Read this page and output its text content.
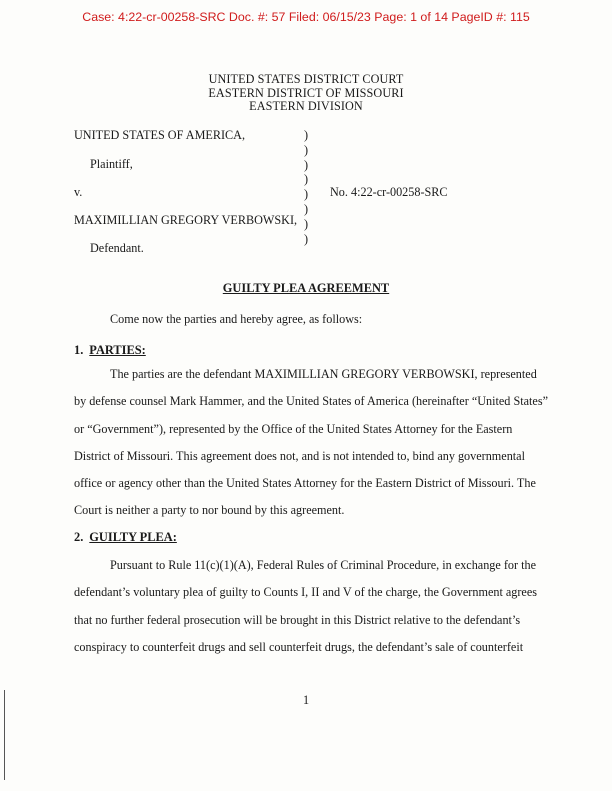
Case: 4:22-cr-00258-SRC Doc. #: 57 Filed: 06/15/23 Page: 1 of 14 PageID #: 115
UNITED STATES DISTRICT COURT
EASTERN DISTRICT OF MISSOURI
EASTERN DIVISION
UNITED STATES OF AMERICA,
Plaintiff,
v.
MAXIMILLIAN GREGORY VERBOWSKI,
Defendant.
)
)
)
)
)
)
)
)
No. 4:22-cr-00258-SRC
GUILTY PLEA AGREEMENT
Come now the parties and hereby agree, as follows:
1. PARTIES:
The parties are the defendant MAXIMILLIAN GREGORY VERBOWSKI, represented
by defense counsel Mark Hammer, and the United States of America (hereinafter “United States”
or “Government”), represented by the Office of the United States Attorney for the Eastern
District of Missouri. This agreement does not, and is not intended to, bind any governmental
office or agency other than the United States Attorney for the Eastern District of Missouri. The
Court is neither a party to nor bound by this agreement.
2. GUILTY PLEA:
Pursuant to Rule 11(c)(1)(A), Federal Rules of Criminal Procedure, in exchange for the
defendant’s voluntary plea of guilty to Counts I, II and V of the charge, the Government agrees
that no further federal prosecution will be brought in this District relative to the defendant’s
conspiracy to counterfeit drugs and sell counterfeit drugs, the defendant’s sale of counterfeit
1
